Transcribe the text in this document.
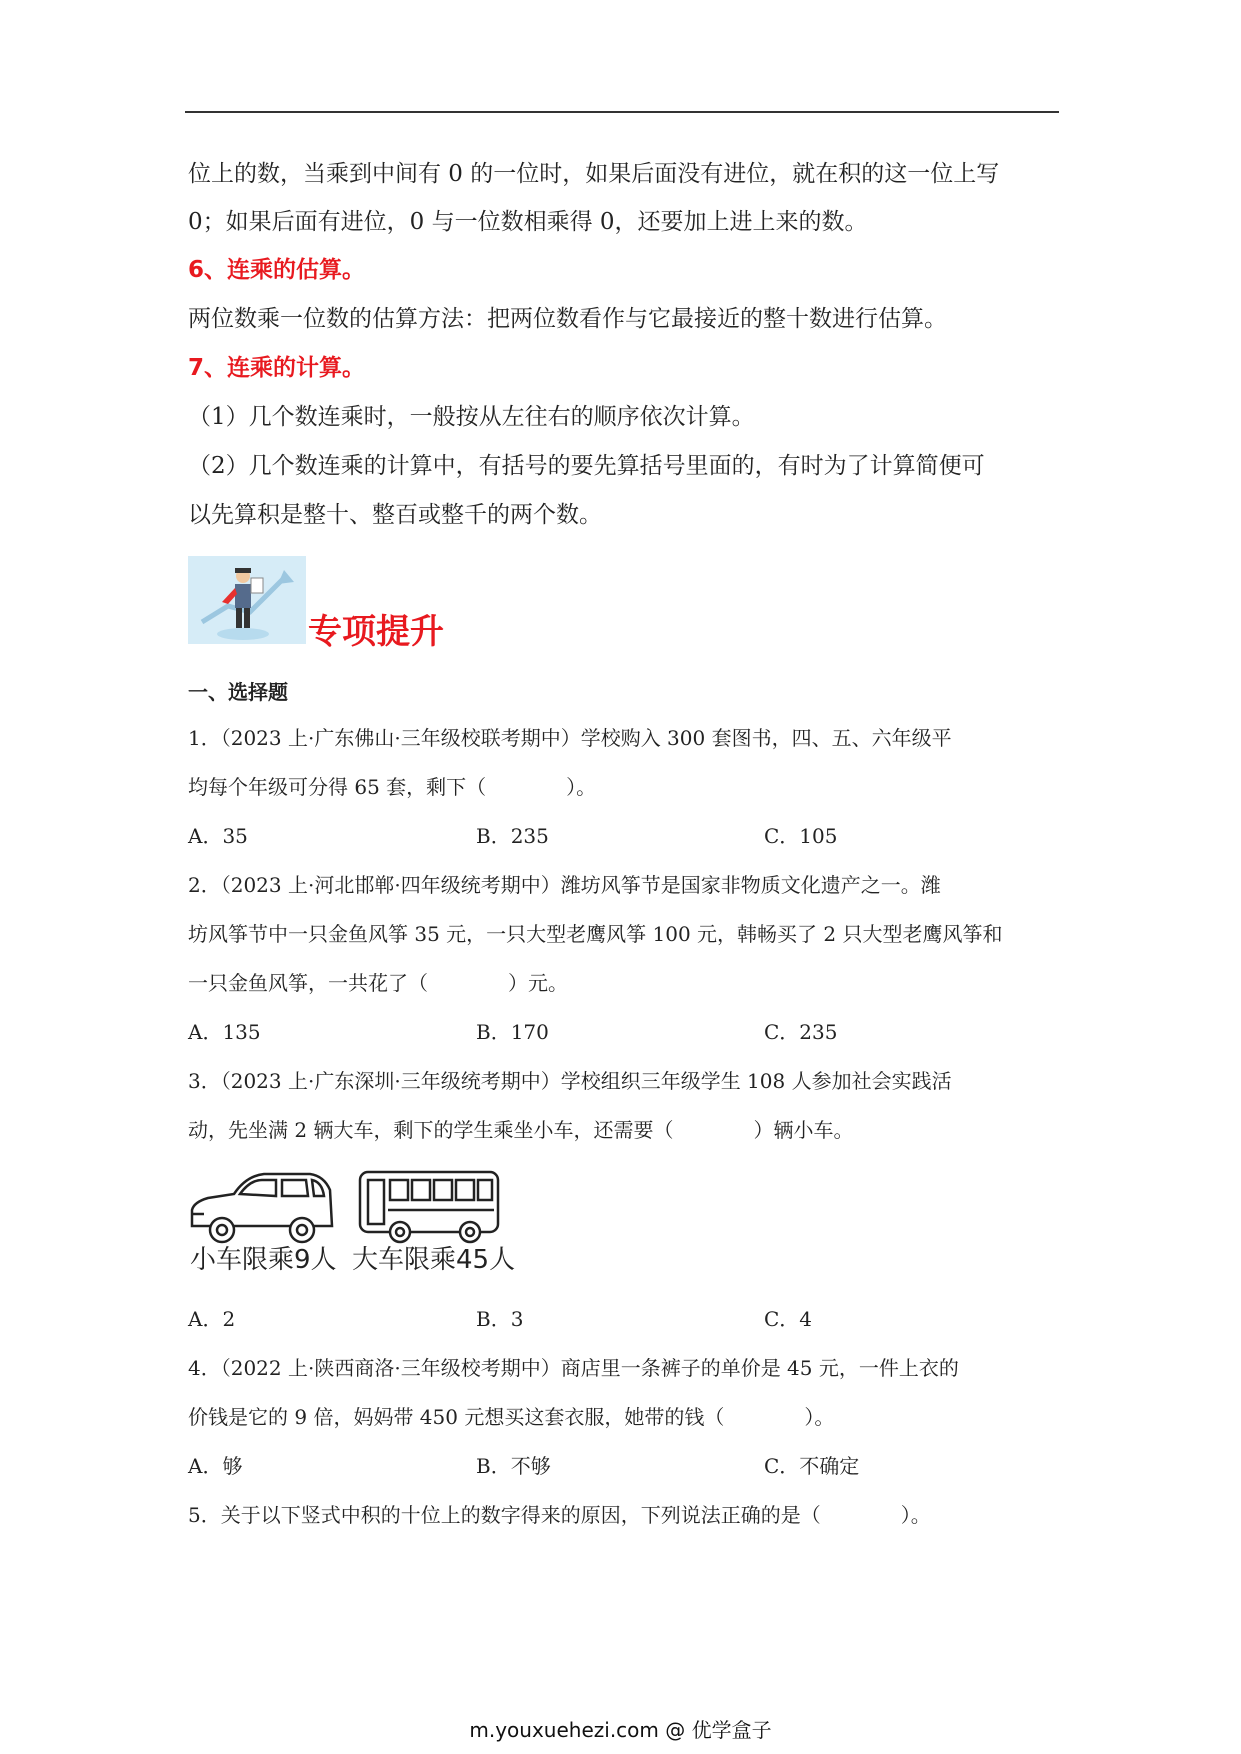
位上的数，当乘到中间有 0 的一位时，如果后面没有进位，就在积的这一位上写
0；如果后面有进位，0 与一位数相乘得 0，还要加上进上来的数。
6、连乘的估算。
两位数乘一位数的估算方法：把两位数看作与它最接近的整十数进行估算。
7、连乘的计算。
（1）几个数连乘时，一般按从左往右的顺序依次计算。
（2）几个数连乘的计算中，有括号的要先算括号里面的，有时为了计算简便可
以先算积是整十、整百或整千的两个数。
专项提升
一、选择题
1．（2023 上·广东佛山·三年级校联考期中）学校购入 300 套图书，四、五、六年级平
均每个年级可分得 65 套，剩下（　　　　）。
A．35	B．235	C．105
2．（2023 上·河北邯郸·四年级统考期中）潍坊风筝节是国家非物质文化遗产之一。潍
坊风筝节中一只金鱼风筝 35 元，一只大型老鹰风筝 100 元，韩畅买了 2 只大型老鹰风筝和
一只金鱼风筝，一共花了（　　　　）元。
A．135	B．170	C．235
3．（2023 上·广东深圳·三年级统考期中）学校组织三年级学生 108 人参加社会实践活
动，先坐满 2 辆大车，剩下的学生乘坐小车，还需要（　　　　）辆小车。
小车限乘9人 大车限乘45人
A．2	B．3	C．4
4．（2022 上·陕西商洛·三年级校考期中）商店里一条裤子的单价是 45 元，一件上衣的
价钱是它的 9 倍，妈妈带 450 元想买这套衣服，她带的钱（　　　　）。
A．够	B．不够	C．不确定
5．关于以下竖式中积的十位上的数字得来的原因，下列说法正确的是（　　　　）。
m.youxuehezi.com @ 优学盒子
